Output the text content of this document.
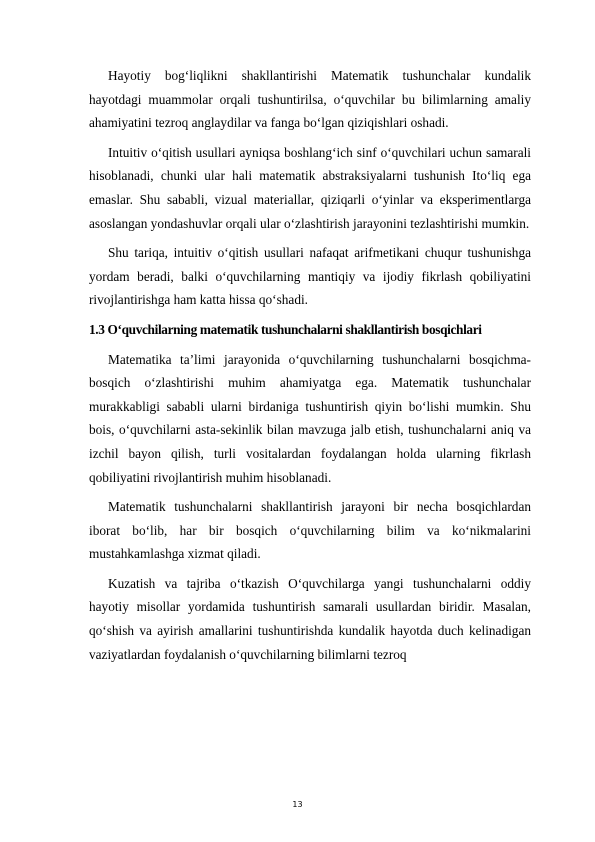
Hayotiy bog‘liqlikni shakllantirishi Matematik tushunchalar kundalik hayotdagi muammolar orqali tushuntirilsa, o‘quvchilar bu bilimlarning amaliy ahamiyatini tezroq anglaydilar va fanga bo‘lgan qiziqishlari oshadi.

Intuitiv o‘qitish usullari ayniqsa boshlang‘ich sinf o‘quvchilari uchun samarali hisoblanadi, chunki ular hali matematik abstraksiyalarni tushunish Ito‘liq ega emaslar. Shu sababli, vizual materiallar, qiziqarli o‘yinlar va eksperimentlarga asoslangan yondashuvlar orqali ular o‘zlashtirish jarayonini tezlashtirishi mumkin.

Shu tariqa, intuitiv o‘qitish usullari nafaqat arifmetikani chuqur tushunishga yordam beradi, balki o‘quvchilarning mantiqiy va ijodiy fikrlash qobiliyatini rivojlantirishga ham katta hissa qo‘shadi.

1.3 O‘quvchilarning matematik tushunchalarni shakllantirish bosqichlari

Matematika ta’limi jarayonida o‘quvchilarning tushunchalarni bosqichma-bosqich o‘zlashtirishi muhim ahamiyatga ega. Matematik tushunchalar murakkabligi sababli ularni birdaniga tushuntirish qiyin bo‘lishi mumkin. Shu bois, o‘quvchilarni asta-sekinlik bilan mavzuga jalb etish, tushunchalarni aniq va izchil bayon qilish, turli vositalardan foydalangan holda ularning fikrlash qobiliyatini rivojlantirish muhim hisoblanadi.

Matematik tushunchalarni shakllantirish jarayoni bir necha bosqichlardan iborat bo‘lib, har bir bosqich o‘quvchilarning bilim va ko‘nikmalarini mustahkamlashga xizmat qiladi.

Kuzatish va tajriba o‘tkazish O‘quvchilarga yangi tushunchalarni oddiy hayotiy misollar yordamida tushuntirish samarali usullardan biridir. Masalan, qo‘shish va ayirish amallarini tushuntirishda kundalik hayotda duch kelinadigan vaziyatlardan foydalanish o‘quvchilarning bilimlarni tezroq

13
